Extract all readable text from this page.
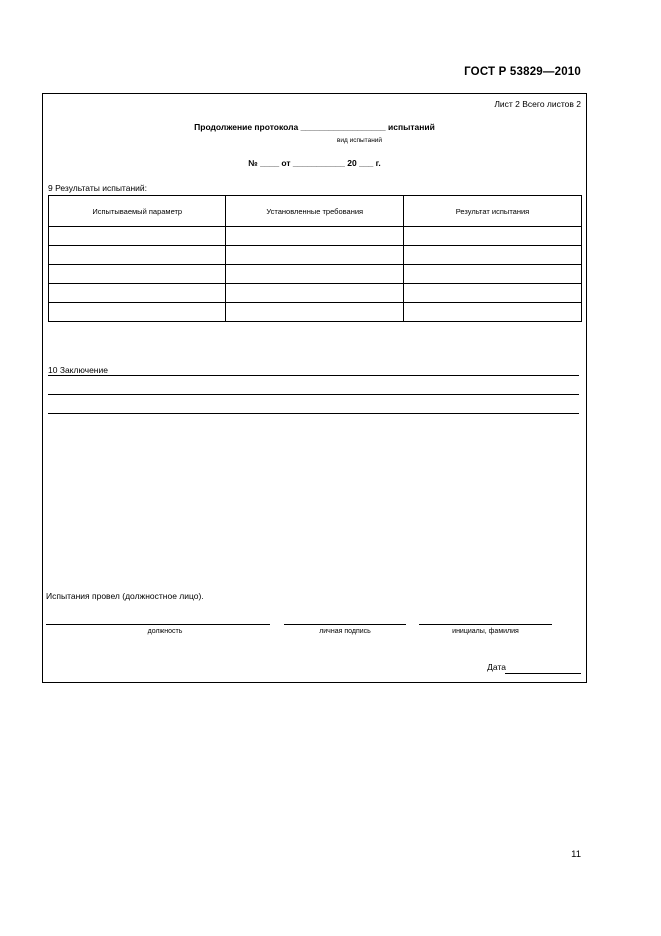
ГОСТ Р 53829—2010
Лист 2 Всего листов 2
Продолжение протокола __________________ испытаний
вид испытаний
№ ____ от ___________ 20 ___ г.
9 Результаты испытаний:
Испытываемый параметр	Установленные требования	Результат испытания

10 Заключение
Испытания провел (должностное лицо).
должность	личная подпись	инициалы, фамилия
Дата
11
